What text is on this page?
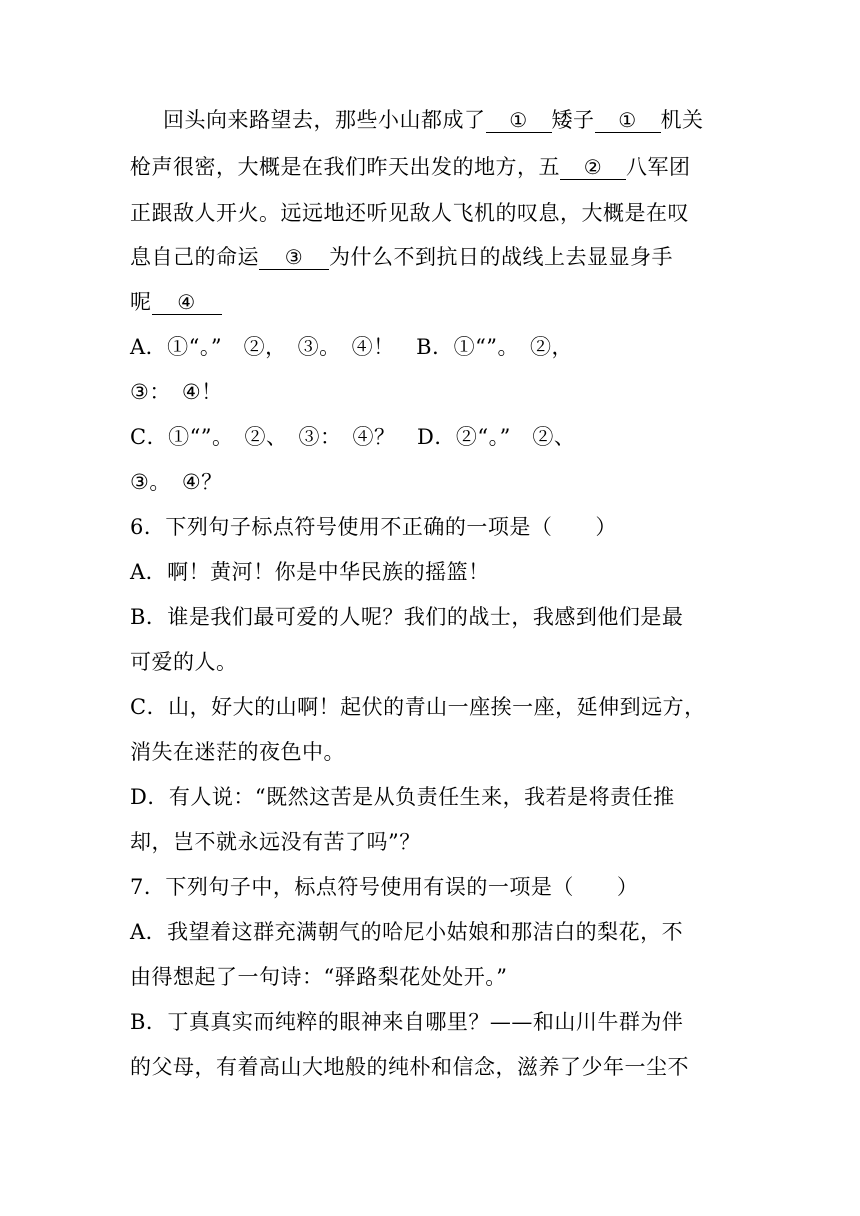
回头向来路望去，那些小山都成了 ① 矮子 ① 机关
枪声很密，大概是在我们昨天出发的地方，五 ② 八军团
正跟敌人开火。远远地还听见敌人飞机的叹息，大概是在叹
息自己的命运 ③ 为什么不到抗日的战线上去显显身手
呢 ④
A．①“。”　②，　③。　④！　B．①“”。　②，
③：　④！
C．①“”。　②、　③：　④？　D．②“。”　②、
③。　④？
6．下列句子标点符号使用不正确的一项是（　　）
A．啊！黄河！你是中华民族的摇篮！
B．谁是我们最可爱的人呢？我们的战士，我感到他们是最
可爱的人。
C．山，好大的山啊！起伏的青山一座挨一座，延伸到远方，
消失在迷茫的夜色中。
D．有人说：“既然这苦是从负责任生来，我若是将责任推
却，岂不就永远没有苦了吗”？
7．下列句子中，标点符号使用有误的一项是（　　）
A．我望着这群充满朝气的哈尼小姑娘和那洁白的梨花，不
由得想起了一句诗：“驿路梨花处处开。”
B．丁真真实而纯粹的眼神来自哪里？——和山川牛群为伴
的父母，有着高山大地般的纯朴和信念，滋养了少年一尘不
